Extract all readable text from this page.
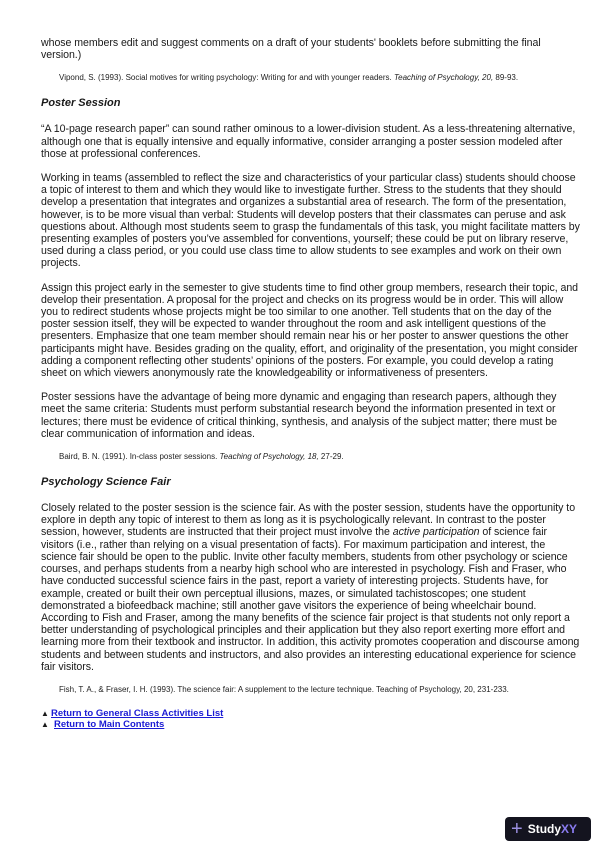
whose members edit and suggest comments on a draft of your students' booklets before submitting the final version.)

Vipond, S. (1993). Social motives for writing psychology: Writing for and with younger readers. Teaching of Psychology, 20, 89-93.

Poster Session

“A 10-page research paper” can sound rather ominous to a lower-division student. As a less-threatening alternative, although one that is equally intensive and equally informative, consider arranging a poster session modeled after those at professional conferences.

Working in teams (assembled to reflect the size and characteristics of your particular class) students should choose a topic of interest to them and which they would like to investigate further. Stress to the students that they should develop a presentation that integrates and organizes a substantial area of research. The form of the presentation, however, is to be more visual than verbal: Students will develop posters that their classmates can peruse and ask questions about. Although most students seem to grasp the fundamentals of this task, you might facilitate matters by presenting examples of posters you’ve assembled for conventions, yourself; these could be put on library reserve, used during a class period, or you could use class time to allow students to see examples and work on their own projects.

Assign this project early in the semester to give students time to find other group members, research their topic, and develop their presentation. A proposal for the project and checks on its progress would be in order. This will allow you to redirect students whose projects might be too similar to one another. Tell students that on the day of the poster session itself, they will be expected to wander throughout the room and ask intelligent questions of the presenters. Emphasize that one team member should remain near his or her poster to answer questions the other participants might have. Besides grading on the quality, effort, and originality of the presentation, you might consider adding a component reflecting other students’ opinions of the posters. For example, you could develop a rating sheet on which viewers anonymously rate the knowledgeability or informativeness of presenters.

Poster sessions have the advantage of being more dynamic and engaging than research papers, although they meet the same criteria: Students must perform substantial research beyond the information presented in text or lectures; there must be evidence of critical thinking, synthesis, and analysis of the subject matter; there must be clear communication of information and ideas.

Baird, B. N. (1991). In-class poster sessions. Teaching of Psychology, 18, 27-29.

Psychology Science Fair

Closely related to the poster session is the science fair. As with the poster session, students have the opportunity to explore in depth any topic of interest to them as long as it is psychologically relevant. In contrast to the poster session, however, students are instructed that their project must involve the active participation of science fair visitors (i.e., rather than relying on a visual presentation of facts). For maximum participation and interest, the science fair should be open to the public. Invite other faculty members, students from other psychology or science courses, and perhaps students from a nearby high school who are interested in psychology. Fish and Fraser, who have conducted successful science fairs in the past, report a variety of interesting projects. Students have, for example, created or built their own perceptual illusions, mazes, or simulated tachistoscopes; one student demonstrated a biofeedback machine; still another gave visitors the experience of being wheelchair bound. According to Fish and Fraser, among the many benefits of the science fair project is that students not only report a better understanding of psychological principles and their application but they also report exerting more effort and learning more from their textbook and instructor. In addition, this activity promotes cooperation and discourse among students and between students and instructors, and also provides an interesting educational experience for science fair visitors.

Fish, T. A., & Fraser, I. H. (1993). The science fair: A supplement to the lecture technique. Teaching of Psychology, 20, 231-233.

▲ Return to General Class Activities List
▲ Return to Main Contents
+ StudyXY
